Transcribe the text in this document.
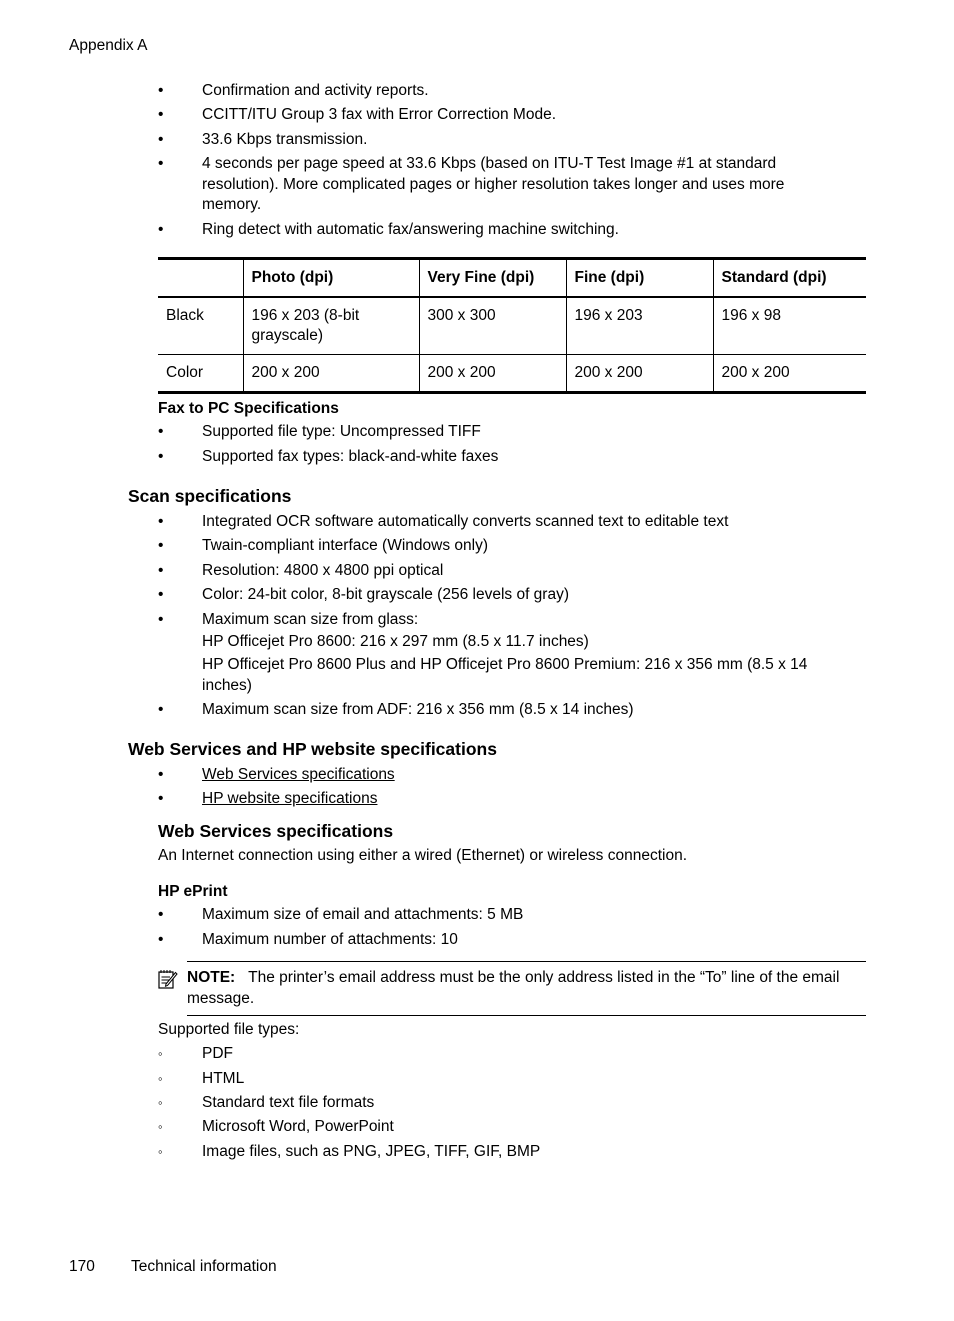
Appendix A
• Confirmation and activity reports.
• CCITT/ITU Group 3 fax with Error Correction Mode.
• 33.6 Kbps transmission.
• 4 seconds per page speed at 33.6 Kbps (based on ITU-T Test Image #1 at standard resolution). More complicated pages or higher resolution takes longer and uses more memory.
• Ring detect with automatic fax/answering machine switching.
	Photo (dpi)	Very Fine (dpi)	Fine (dpi)	Standard (dpi)
Black	196 x 203 (8-bit grayscale)	300 x 300	196 x 203	196 x 98
Color	200 x 200	200 x 200	200 x 200	200 x 200
Fax to PC Specifications
• Supported file type: Uncompressed TIFF
• Supported fax types: black-and-white faxes
Scan specifications
• Integrated OCR software automatically converts scanned text to editable text
• Twain-compliant interface (Windows only)
• Resolution: 4800 x 4800 ppi optical
• Color: 24-bit color, 8-bit grayscale (256 levels of gray)
• Maximum scan size from glass:
HP Officejet Pro 8600: 216 x 297 mm (8.5 x 11.7 inches)
HP Officejet Pro 8600 Plus and HP Officejet Pro 8600 Premium: 216 x 356 mm (8.5 x 14 inches)
• Maximum scan size from ADF: 216 x 356 mm (8.5 x 14 inches)
Web Services and HP website specifications
• Web Services specifications
• HP website specifications
Web Services specifications
An Internet connection using either a wired (Ethernet) or wireless connection.
HP ePrint
• Maximum size of email and attachments: 5 MB
• Maximum number of attachments: 10
NOTE: The printer’s email address must be the only address listed in the “To” line of the email message.
Supported file types:
◦	PDF
◦	HTML
◦	Standard text file formats
◦	Microsoft Word, PowerPoint
◦	Image files, such as PNG, JPEG, TIFF, GIF, BMP
170 Technical information
